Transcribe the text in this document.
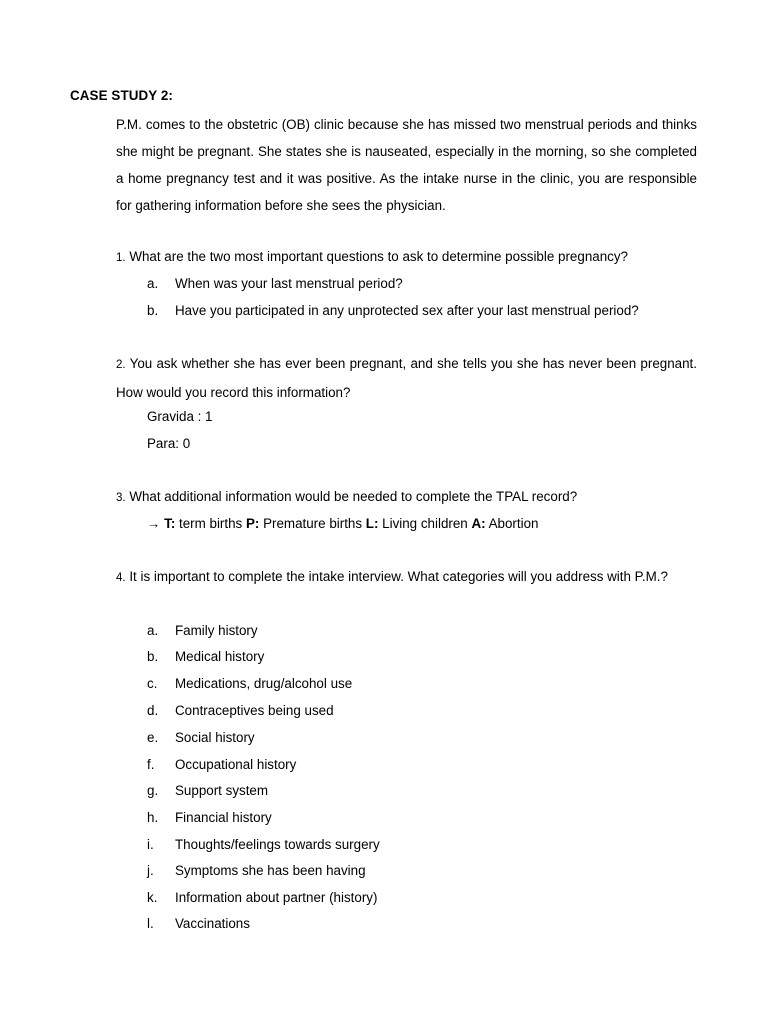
CASE STUDY 2:
P.M. comes to the obstetric (OB) clinic because she has missed two menstrual periods and thinks she might be pregnant. She states she is nauseated, especially in the morning, so she completed a home pregnancy test and it was positive. As the intake nurse in the clinic, you are responsible for gathering information before she sees the physician.
1. What are the two most important questions to ask to determine possible pregnancy?
a. When was your last menstrual period?
b. Have you participated in any unprotected sex after your last menstrual period?
2. You ask whether she has ever been pregnant, and she tells you she has never been pregnant. How would you record this information?
Gravida : 1
Para: 0
3. What additional information would be needed to complete the TPAL record?
→ T: term births P: Premature births L: Living children A: Abortion
4. It is important to complete the intake interview. What categories will you address with P.M.?
a. Family history
b. Medical history
c. Medications, drug/alcohol use
d. Contraceptives being used
e. Social history
f. Occupational history
g. Support system
h. Financial history
i. Thoughts/feelings towards surgery
j. Symptoms she has been having
k. Information about partner (history)
l. Vaccinations
